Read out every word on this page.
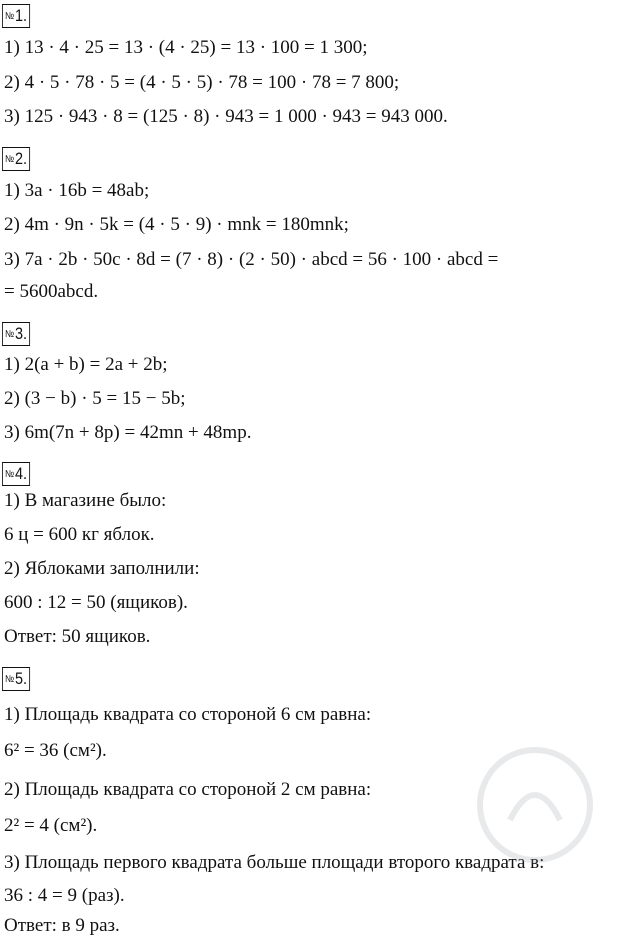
№1.
1) 13 · 4 · 25 = 13 · (4 · 25) = 13 · 100 = 1 300;
2) 4 · 5 · 78 · 5 = (4 · 5 · 5) · 78 = 100 · 78 = 7 800;
3) 125 · 943 · 8 = (125 · 8) · 943 = 1 000 · 943 = 943 000.
№2.
1) 3a · 16b = 48ab;
2) 4m · 9n · 5k = (4 · 5 · 9) · mnk = 180mnk;
3) 7a · 2b · 50c · 8d = (7 · 8) · (2 · 50) · abcd = 56 · 100 · abcd =
= 5600abcd.
№3.
1) 2(a + b) = 2a + 2b;
2) (3 − b) · 5 = 15 − 5b;
3) 6m(7n + 8p) = 42mn + 48mp.
№4.
1) В магазине было:
6 ц = 600 кг яблок.
2) Яблоками заполнили:
600 : 12 = 50 (ящиков).
Ответ: 50 ящиков.
№5.
1) Площадь квадрата со стороной 6 см равна:
6² = 36 (см²).
2) Площадь квадрата со стороной 2 см равна:
2² = 4 (см²).
3) Площадь первого квадрата больше площади второго квадрата в:
36 : 4 = 9 (раз).
Ответ: в 9 раз.
